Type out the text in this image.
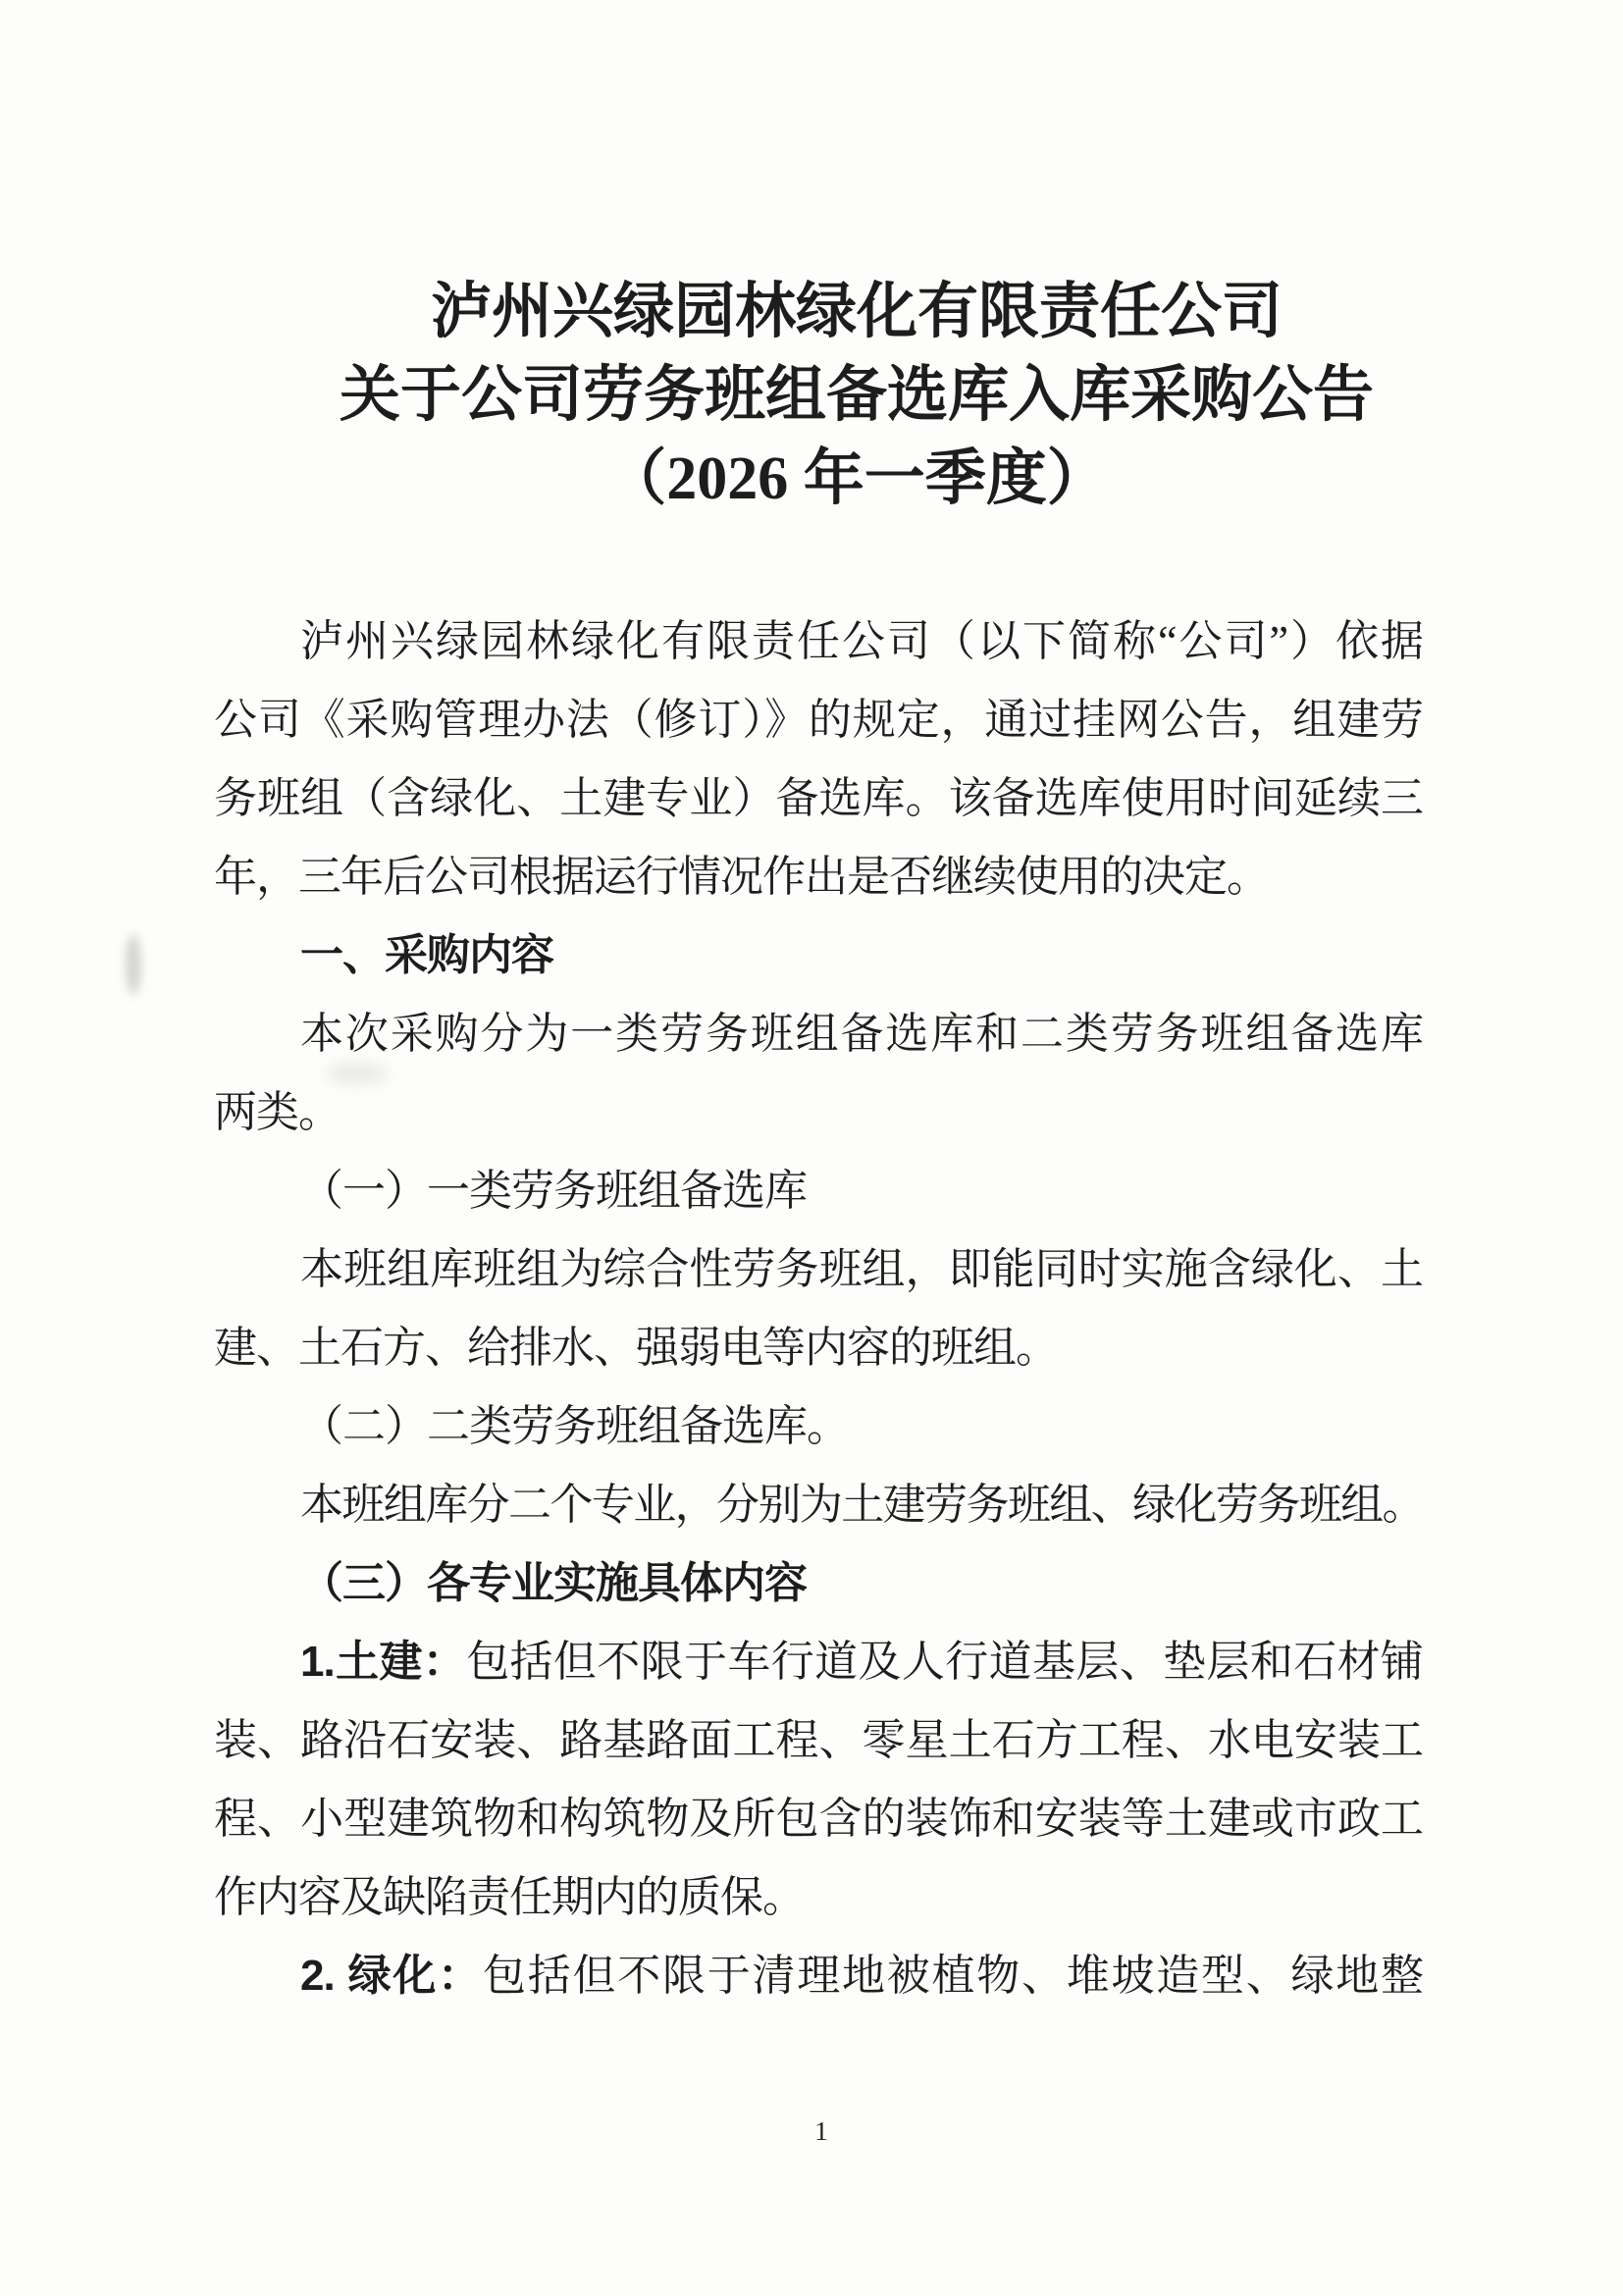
泸州兴绿园林绿化有限责任公司
关于公司劳务班组备选库入库采购公告
（2026 年一季度）
泸州兴绿园林绿化有限责任公司（以下简称“公司”）依据
公司《采购管理办法（修订）》的规定，通过挂网公告，组建劳
务班组（含绿化、土建专业）备选库。该备选库使用时间延续三
年，三年后公司根据运行情况作出是否继续使用的决定。
一、采购内容
本次采购分为一类劳务班组备选库和二类劳务班组备选库
两类。
（一）一类劳务班组备选库
本班组库班组为综合性劳务班组，即能同时实施含绿化、土
建、土石方、给排水、强弱电等内容的班组。
（二）二类劳务班组备选库。
本班组库分二个专业，分别为土建劳务班组、绿化劳务班组。
（三）各专业实施具体内容
1.土建：包括但不限于车行道及人行道基层、垫层和石材铺
装、路沿石安装、路基路面工程、零星土石方工程、水电安装工
程、小型建筑物和构筑物及所包含的装饰和安装等土建或市政工
作内容及缺陷责任期内的质保。
2. 绿化：包括但不限于清理地被植物、堆坡造型、绿地整
1
